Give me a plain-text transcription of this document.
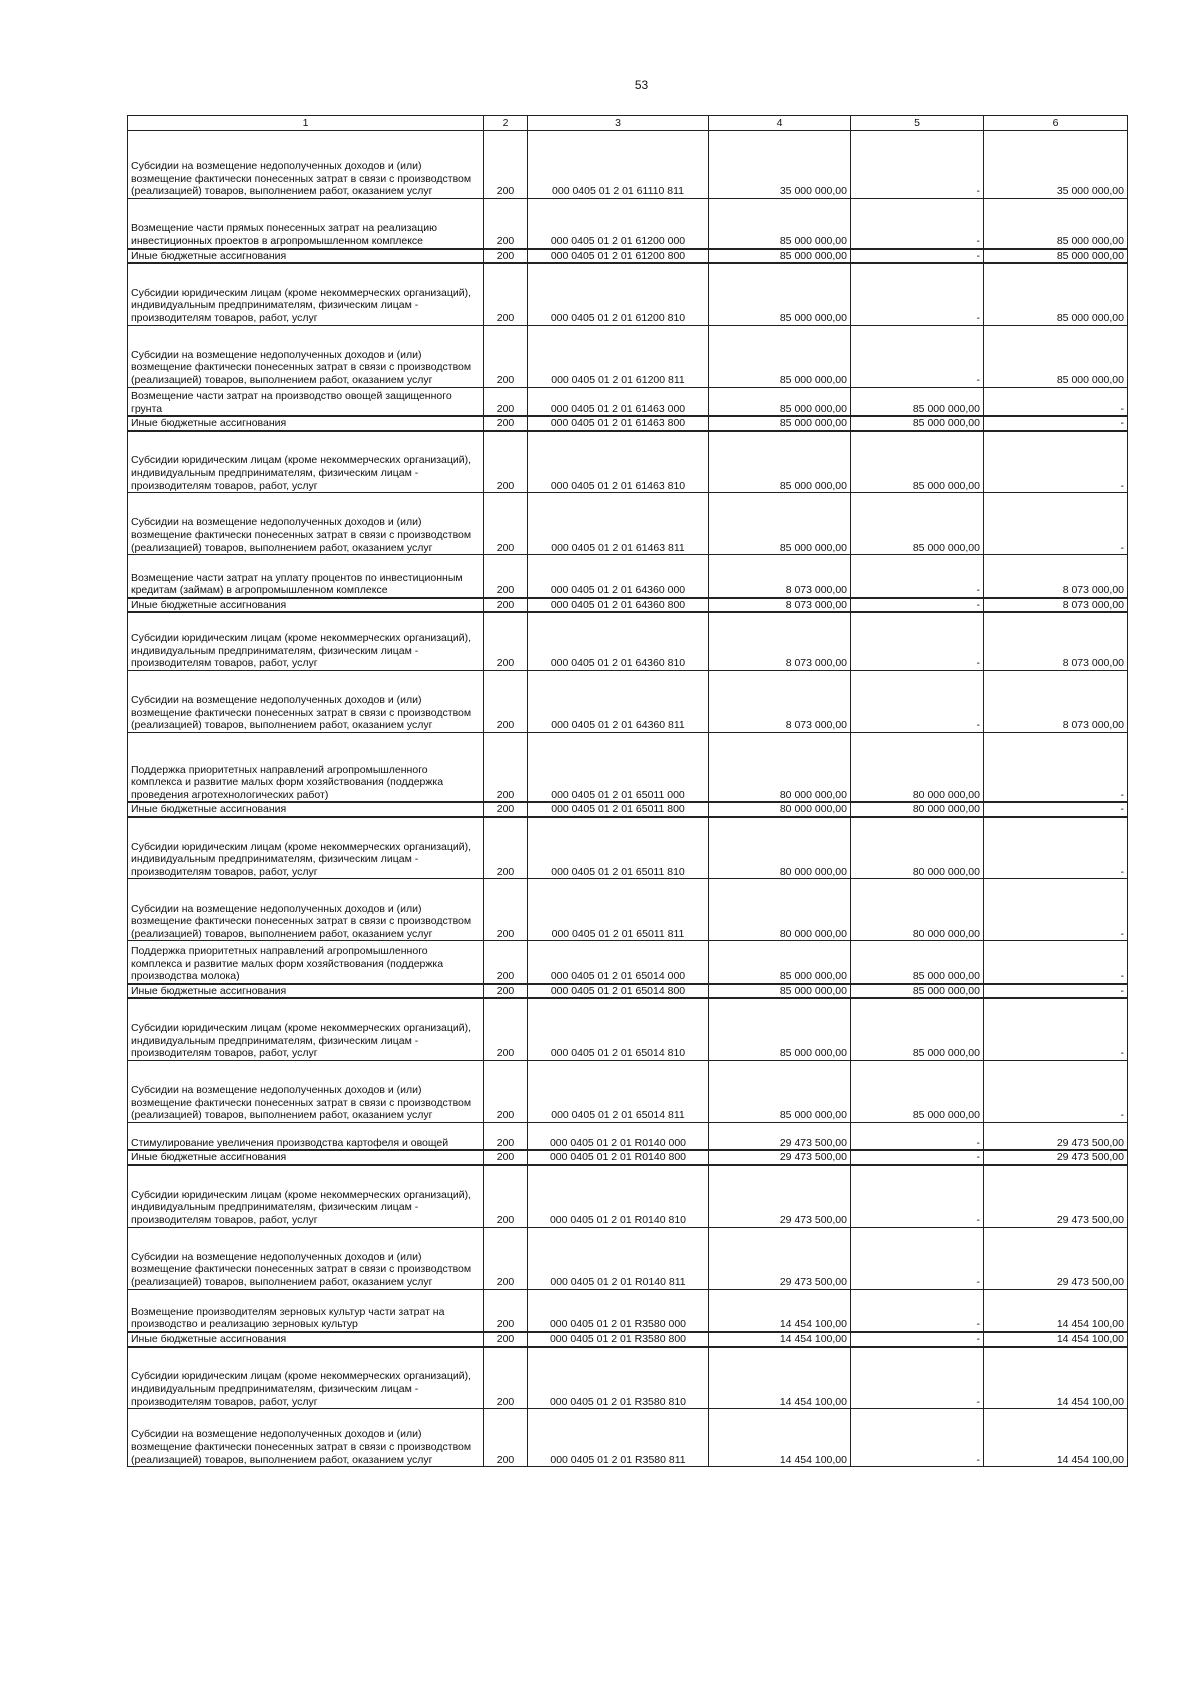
53
1	2	3	4	5	6
Субсидии на возмещение недополученных доходов и (или) возмещение фактически понесенных затрат в связи с производством (реализацией) товаров, выполнением работ, оказанием услуг	200	000 0405 01 2 01 61110 811	35 000 000,00	-	35 000 000,00
Возмещение части прямых понесенных затрат на реализацию инвестиционных проектов в агропромышленном комплексе	200	000 0405 01 2 01 61200 000	85 000 000,00	-	85 000 000,00
Иные бюджетные ассигнования	200	000 0405 01 2 01 61200 800	85 000 000,00	-	85 000 000,00
Субсидии юридическим лицам (кроме некоммерческих организаций), индивидуальным предпринимателям, физическим лицам - производителям товаров, работ, услуг	200	000 0405 01 2 01 61200 810	85 000 000,00	-	85 000 000,00
Субсидии на возмещение недополученных доходов и (или) возмещение фактически понесенных затрат в связи с производством (реализацией) товаров, выполнением работ, оказанием услуг	200	000 0405 01 2 01 61200 811	85 000 000,00	-	85 000 000,00
Возмещение части затрат на производство овощей защищенного грунта	200	000 0405 01 2 01 61463 000	85 000 000,00	85 000 000,00	-
Иные бюджетные ассигнования	200	000 0405 01 2 01 61463 800	85 000 000,00	85 000 000,00	-
Субсидии юридическим лицам (кроме некоммерческих организаций), индивидуальным предпринимателям, физическим лицам - производителям товаров, работ, услуг	200	000 0405 01 2 01 61463 810	85 000 000,00	85 000 000,00	-
Субсидии на возмещение недополученных доходов и (или) возмещение фактически понесенных затрат в связи с производством (реализацией) товаров, выполнением работ, оказанием услуг	200	000 0405 01 2 01 61463 811	85 000 000,00	85 000 000,00	-
Возмещение части затрат на уплату процентов по инвестиционным кредитам (займам) в агропромышленном комплексе	200	000 0405 01 2 01 64360 000	8 073 000,00	-	8 073 000,00
Иные бюджетные ассигнования	200	000 0405 01 2 01 64360 800	8 073 000,00	-	8 073 000,00
Субсидии юридическим лицам (кроме некоммерческих организаций), индивидуальным предпринимателям, физическим лицам - производителям товаров, работ, услуг	200	000 0405 01 2 01 64360 810	8 073 000,00	-	8 073 000,00
Субсидии на возмещение недополученных доходов и (или) возмещение фактически понесенных затрат в связи с производством (реализацией) товаров, выполнением работ, оказанием услуг	200	000 0405 01 2 01 64360 811	8 073 000,00	-	8 073 000,00
Поддержка приоритетных направлений агропромышленного комплекса и развитие малых форм хозяйствования (поддержка проведения агротехнологических работ)	200	000 0405 01 2 01 65011 000	80 000 000,00	80 000 000,00	-
Иные бюджетные ассигнования	200	000 0405 01 2 01 65011 800	80 000 000,00	80 000 000,00	-
Субсидии юридическим лицам (кроме некоммерческих организаций), индивидуальным предпринимателям, физическим лицам - производителям товаров, работ, услуг	200	000 0405 01 2 01 65011 810	80 000 000,00	80 000 000,00	-
Субсидии на возмещение недополученных доходов и (или) возмещение фактически понесенных затрат в связи с производством (реализацией) товаров, выполнением работ, оказанием услуг	200	000 0405 01 2 01 65011 811	80 000 000,00	80 000 000,00	-
Поддержка приоритетных направлений агропромышленного комплекса и развитие малых форм хозяйствования (поддержка производства молока)	200	000 0405 01 2 01 65014 000	85 000 000,00	85 000 000,00	-
Иные бюджетные ассигнования	200	000 0405 01 2 01 65014 800	85 000 000,00	85 000 000,00	-
Субсидии юридическим лицам (кроме некоммерческих организаций), индивидуальным предпринимателям, физическим лицам - производителям товаров, работ, услуг	200	000 0405 01 2 01 65014 810	85 000 000,00	85 000 000,00	-
Субсидии на возмещение недополученных доходов и (или) возмещение фактически понесенных затрат в связи с производством (реализацией) товаров, выполнением работ, оказанием услуг	200	000 0405 01 2 01 65014 811	85 000 000,00	85 000 000,00	-
Стимулирование увеличения производства картофеля и овощей	200	000 0405 01 2 01 R0140 000	29 473 500,00	-	29 473 500,00
Иные бюджетные ассигнования	200	000 0405 01 2 01 R0140 800	29 473 500,00	-	29 473 500,00
Субсидии юридическим лицам (кроме некоммерческих организаций), индивидуальным предпринимателям, физическим лицам - производителям товаров, работ, услуг	200	000 0405 01 2 01 R0140 810	29 473 500,00	-	29 473 500,00
Субсидии на возмещение недополученных доходов и (или) возмещение фактически понесенных затрат в связи с производством (реализацией) товаров, выполнением работ, оказанием услуг	200	000 0405 01 2 01 R0140 811	29 473 500,00	-	29 473 500,00
Возмещение производителям зерновых культур части затрат на производство и реализацию зерновых культур	200	000 0405 01 2 01 R3580 000	14 454 100,00	-	14 454 100,00
Иные бюджетные ассигнования	200	000 0405 01 2 01 R3580 800	14 454 100,00	-	14 454 100,00
Субсидии юридическим лицам (кроме некоммерческих организаций), индивидуальным предпринимателям, физическим лицам - производителям товаров, работ, услуг	200	000 0405 01 2 01 R3580 810	14 454 100,00	-	14 454 100,00
Субсидии на возмещение недополученных доходов и (или) возмещение фактически понесенных затрат в связи с производством (реализацией) товаров, выполнением работ, оказанием услуг	200	000 0405 01 2 01 R3580 811	14 454 100,00	-	14 454 100,00
